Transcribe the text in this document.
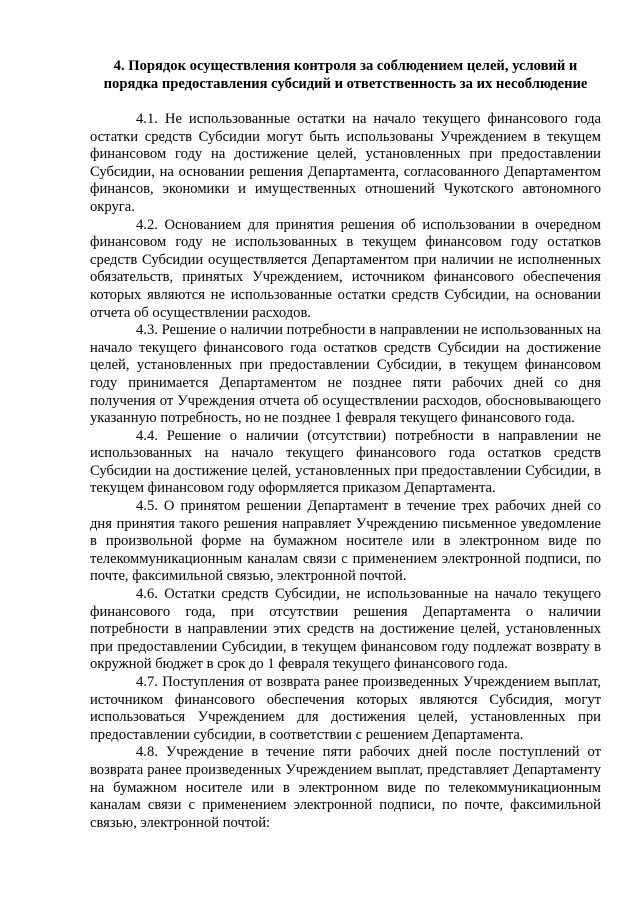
4. Порядок осуществления контроля за соблюдением целей, условий и порядка предоставления субсидий и ответственность за их несоблюдение

4.1. Не использованные остатки на начало текущего финансового года остатки средств Субсидии могут быть использованы Учреждением в текущем финансовом году на достижение целей, установленных при предоставлении Субсидии, на основании решения Департамента, согласованного Департаментом финансов, экономики и имущественных отношений Чукотского автономного округа.

4.2. Основанием для принятия решения об использовании в очередном финансовом году не использованных в текущем финансовом году остатков средств Субсидии осуществляется Департаментом при наличии не исполненных обязательств, принятых Учреждением, источником финансового обеспечения которых являются не использованные остатки средств Субсидии, на основании отчета об осуществлении расходов.

4.3. Решение о наличии потребности в направлении не использованных на начало текущего финансового года остатков средств Субсидии на достижение целей, установленных при предоставлении Субсидии, в текущем финансовом году принимается Департаментом не позднее пяти рабочих дней со дня получения от Учреждения отчета об осуществлении расходов, обосновывающего указанную потребность, но не позднее 1 февраля текущего финансового года.

4.4. Решение о наличии (отсутствии) потребности в направлении не использованных на начало текущего финансового года остатков средств Субсидии на достижение целей, установленных при предоставлении Субсидии, в текущем финансовом году оформляется приказом Департамента.

4.5. О принятом решении Департамент в течение трех рабочих дней со дня принятия такого решения направляет Учреждению письменное уведомление в произвольной форме на бумажном носителе или в электронном виде по телекоммуникационным каналам связи с применением электронной подписи, по почте, факсимильной связью, электронной почтой.

4.6. Остатки средств Субсидии, не использованные на начало текущего финансового года, при отсутствии решения Департамента о наличии потребности в направлении этих средств на достижение целей, установленных при предоставлении Субсидии, в текущем финансовом году подлежат возврату в окружной бюджет в срок до 1 февраля текущего финансового года.

4.7. Поступления от возврата ранее произведенных Учреждением выплат, источником финансового обеспечения которых являются Субсидия, могут использоваться Учреждением для достижения целей, установленных при предоставлении субсидии, в соответствии с решением Департамента.

4.8. Учреждение в течение пяти рабочих дней после поступлений от возврата ранее произведенных Учреждением выплат, представляет Департаменту на бумажном носителе или в электронном виде по телекоммуникационным каналам связи с применением электронной подписи, по почте, факсимильной связью, электронной почтой:
